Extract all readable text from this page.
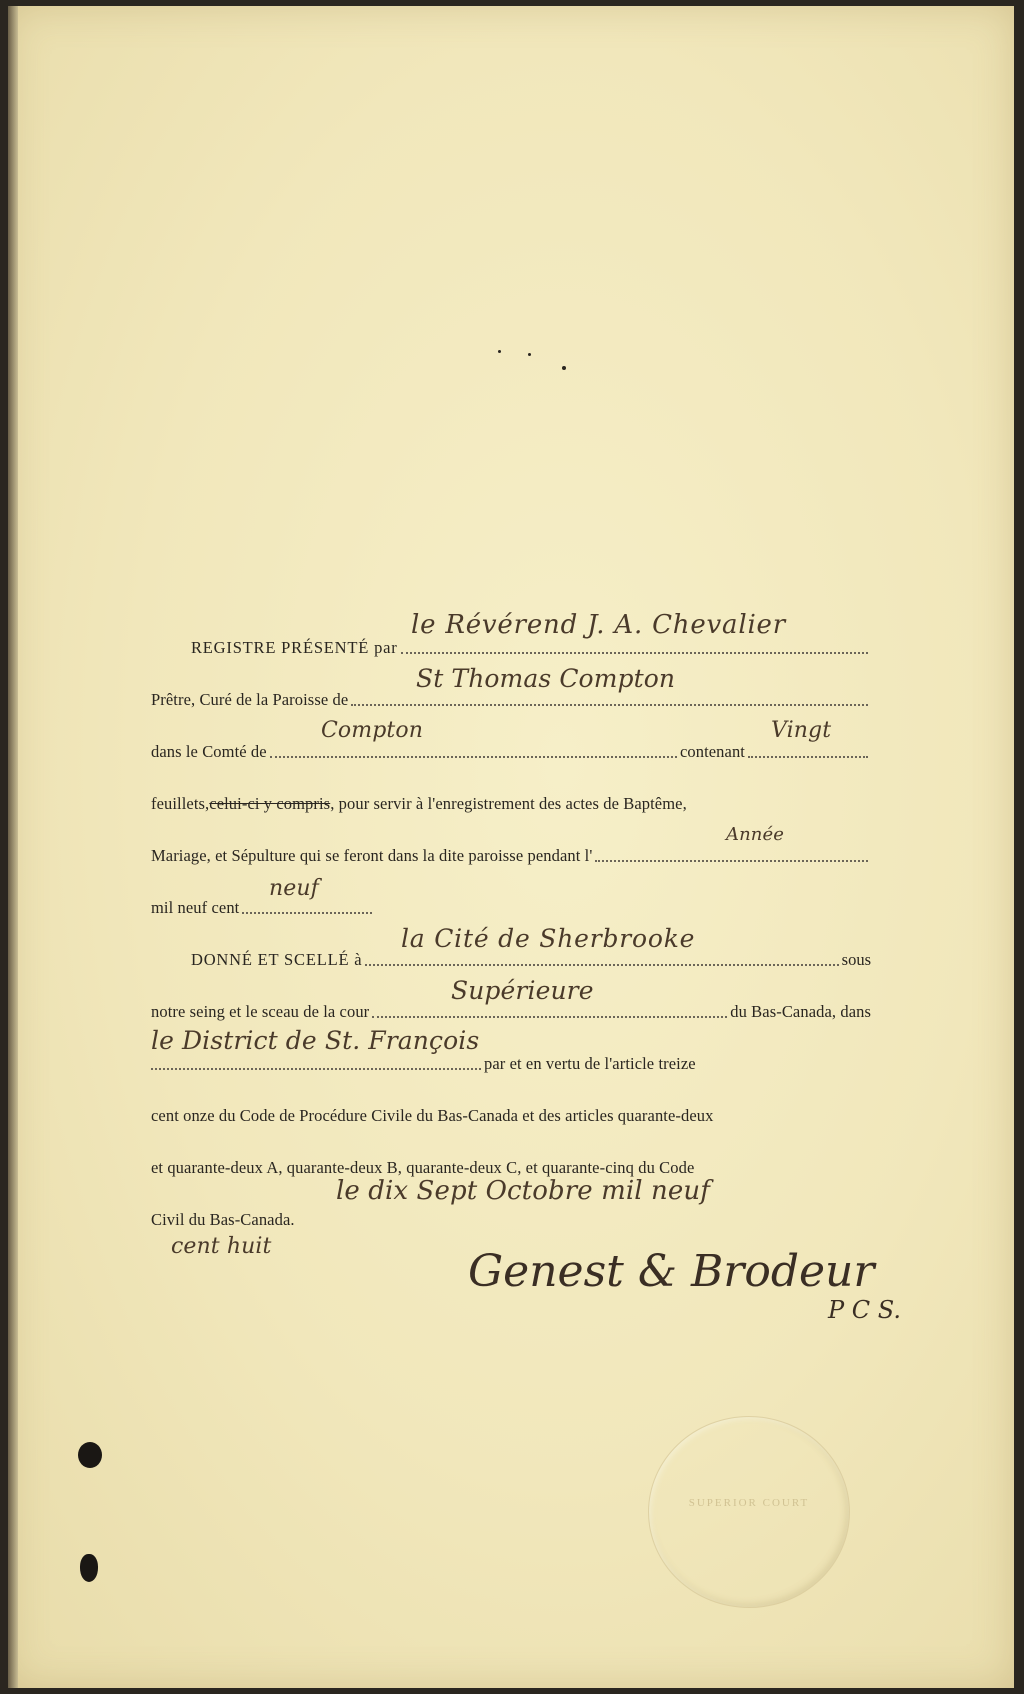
REGISTRE PRÉSENTÉ par
le Révérend J. A. Chevalier
Prêtre, Curé de la Paroisse de
St Thomas Compton
dans le Comté de	contenant
Compton	Vingt
feuillets, celui-ci y compris , pour servir à l'enregistrement des actes de Baptême,
Mariage, et Sépulture qui se feront dans la dite paroisse pendant l'
Année
mil neuf cent
neuf
DONNÉ ET SCELLÉ à	sous
la Cité de Sherbrooke
notre seing et le sceau de la cour	du Bas-Canada, dans
Supérieure
par et en vertu de l'article treize
le District de St. François
cent onze du Code de Procédure Civile du Bas-Canada et des articles quarante-deux
et quarante-deux A, quarante-deux B, quarante-deux C, et quarante-cinq du Code
Civil du Bas-Canada.
le dix Sept Octobre mil neuf
cent huit	Genest & Brodeur
P C S.
SUPERIOR COURT
